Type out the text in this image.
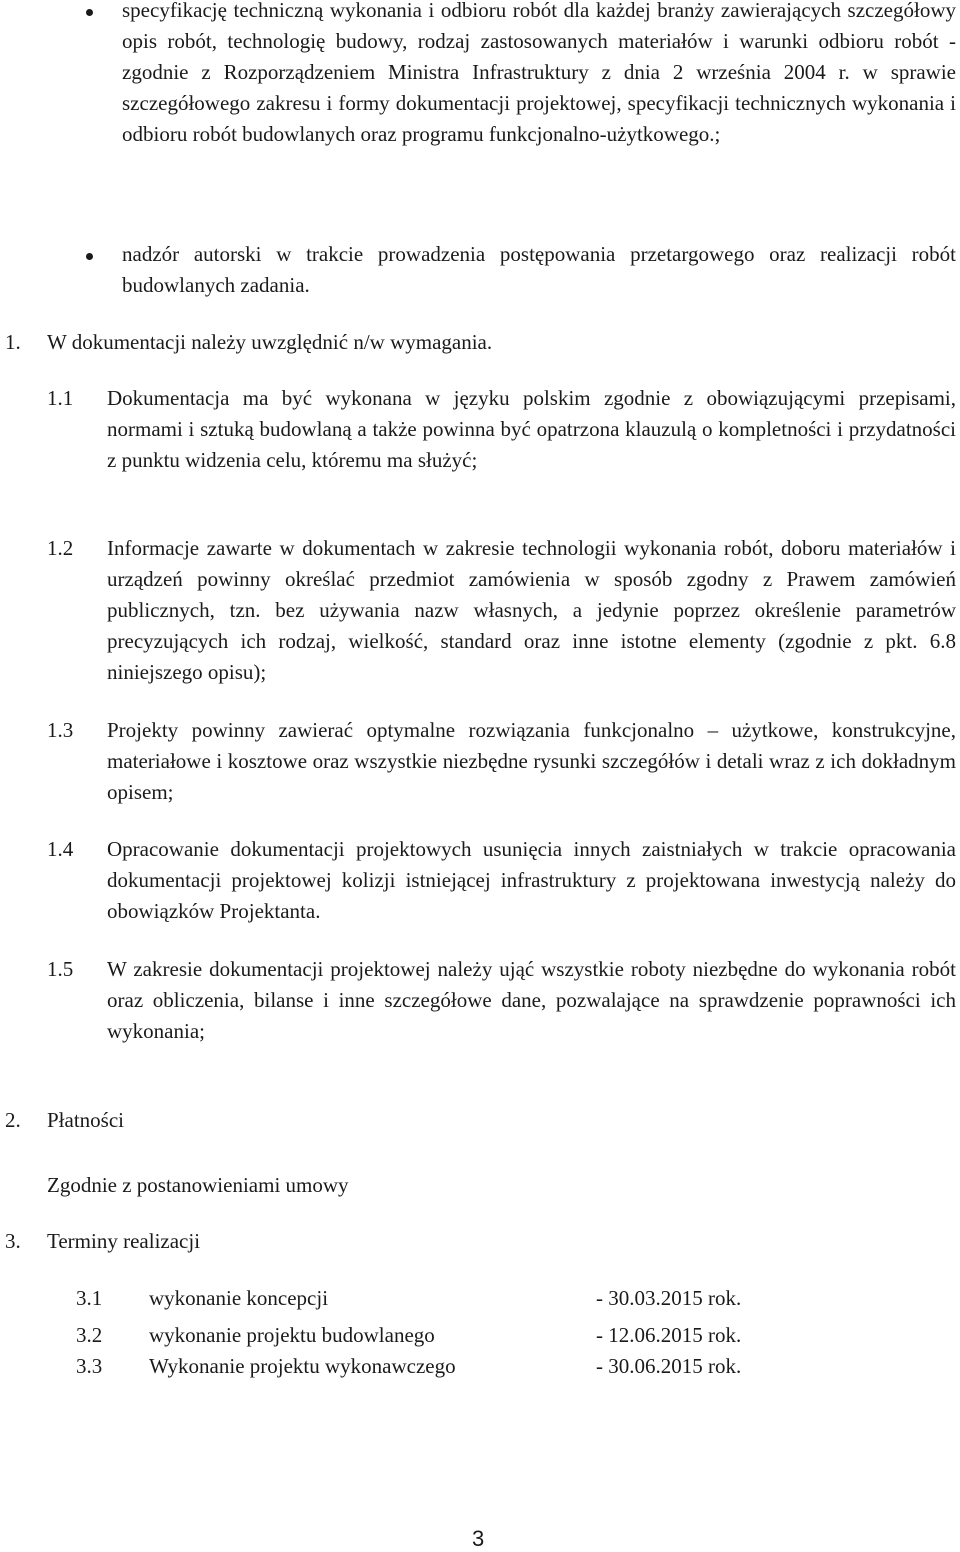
specyfikację techniczną wykonania i odbioru robót dla każdej branży zawierających szczegółowy opis robót, technologię budowy, rodzaj zastosowanych materiałów i warunki odbioru robót - zgodnie z Rozporządzeniem Ministra Infrastruktury z dnia 2 września 2004 r. w sprawie szczegółowego zakresu i formy dokumentacji projektowej, specyfikacji technicznych wykonania i odbioru robót budowlanych oraz programu funkcjonalno-użytkowego.;
nadzór autorski w trakcie prowadzenia postępowania przetargowego oraz realizacji robót budowlanych zadania.
1. W dokumentacji należy uwzględnić n/w wymagania.
1.1 Dokumentacja ma być wykonana w języku polskim zgodnie z obowiązującymi przepisami, normami i sztuką budowlaną a także powinna być opatrzona klauzulą o kompletności i przydatności z punktu widzenia celu, któremu ma służyć;
1.2 Informacje zawarte w dokumentach w zakresie technologii wykonania robót, doboru materiałów i urządzeń powinny określać przedmiot zamówienia w sposób zgodny z Prawem zamówień publicznych, tzn. bez używania nazw własnych, a jedynie poprzez określenie parametrów precyzujących ich rodzaj, wielkość, standard oraz inne istotne elementy (zgodnie z pkt. 6.8 niniejszego opisu);
1.3 Projekty powinny zawierać optymalne rozwiązania funkcjonalno – użytkowe, konstrukcyjne, materiałowe i kosztowe oraz wszystkie niezbędne rysunki szczegółów i detali wraz z ich dokładnym opisem;
1.4 Opracowanie dokumentacji projektowych usunięcia innych zaistniałych w trakcie opracowania dokumentacji projektowej kolizji istniejącej infrastruktury z projektowana inwestycją należy do obowiązków Projektanta.
1.5 W zakresie dokumentacji projektowej należy ująć wszystkie roboty niezbędne do wykonania robót oraz obliczenia, bilanse i inne szczegółowe dane, pozwalające na sprawdzenie poprawności ich wykonania;
2. Płatności
Zgodnie z postanowieniami umowy
3. Terminy realizacji
3.1 wykonanie koncepcji	- 30.03.2015 rok.
3.2 wykonanie projektu budowlanego	- 12.06.2015 rok.
3.3 Wykonanie projektu wykonawczego	- 30.06.2015 rok.
3
